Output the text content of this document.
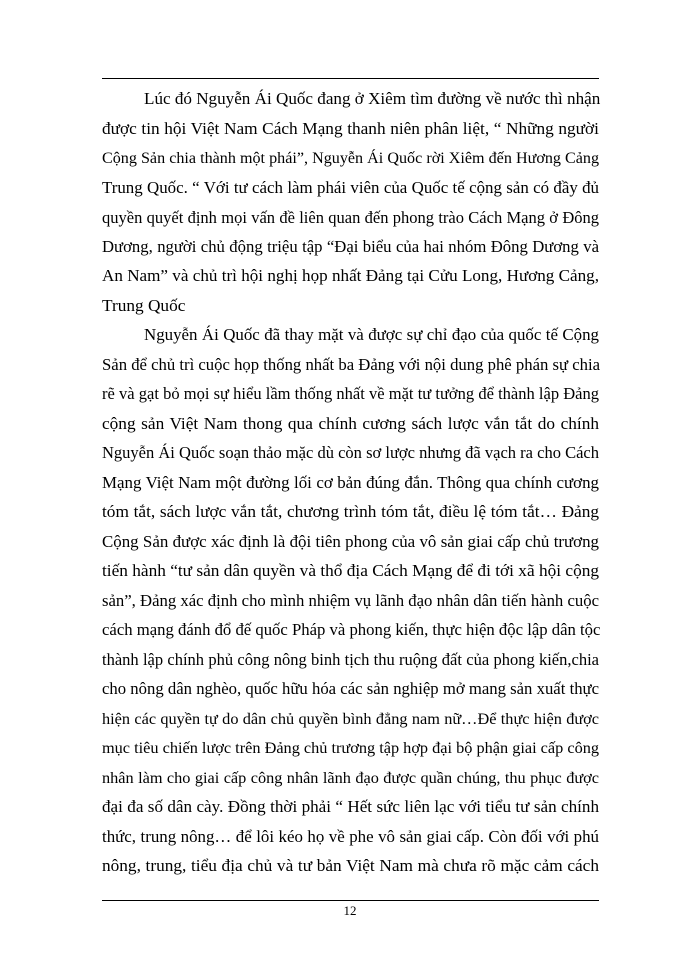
Lúc đó Nguyễn Ái Quốc đang ở Xiêm tìm đường về nước thì nhận
được tin hội Việt Nam Cách Mạng thanh niên phân liệt, “ Những người
Cộng Sản chia thành một phái”, Nguyễn Ái Quốc rời Xiêm đến Hương Cảng
Trung Quốc. “ Với tư cách làm phái viên của Quốc tế cộng sản có đầy đủ
quyền quyết định mọi vấn đề liên quan đến phong trào Cách Mạng ở Đông
Dương, người chủ động triệu tập “Đại biểu của hai nhóm Đông Dương và
An Nam” và chủ trì hội nghị họp nhất Đảng tại Cửu Long, Hương Cảng,
Trung Quốc
Nguyễn Ái Quốc đã thay mặt và được sự chỉ đạo của quốc tế Cộng
Sản để chủ trì cuộc họp thống nhất ba Đảng với nội dung phê phán sự chia
rẽ và gạt bỏ mọi sự hiểu lầm thống nhất về mặt tư tưởng để thành lập Đảng
cộng sản Việt Nam thong qua chính cương sách lược vắn tắt do chính
Nguyễn Ái Quốc soạn thảo mặc dù còn sơ lược nhưng đã vạch ra cho Cách
Mạng Việt Nam một đường lối cơ bản đúng đắn. Thông qua chính cương
tóm tắt, sách lược vắn tắt, chương trình tóm tắt, điều lệ tóm tắt… Đảng
Cộng Sản được xác định là đội tiên phong của vô sản giai cấp chủ trương
tiến hành “tư sản dân quyền và thổ địa Cách Mạng để đi tới xã hội cộng
sản”, Đảng xác định cho mình nhiệm vụ lãnh đạo nhân dân tiến hành cuộc
cách mạng đánh đổ đế quốc Pháp và phong kiến, thực hiện độc lập dân tộc
thành lập chính phủ công nông binh tịch thu ruộng đất của phong kiến,chia
cho nông dân nghèo, quốc hữu hóa các sản nghiệp mở mang sản xuất thực
hiện các quyền tự do dân chủ quyền bình đẳng nam nữ…Để thực hiện được
mục tiêu chiến lược trên Đảng chủ trương tập hợp đại bộ phận giai cấp công
nhân làm cho giai cấp công nhân lãnh đạo được quần chúng, thu phục được
đại đa số dân cày. Đồng thời phải “ Hết sức liên lạc với tiểu tư sản chính
thức, trung nông… để lôi kéo họ về phe vô sản giai cấp. Còn đối với phú
nông, trung, tiểu địa chủ và tư bản Việt Nam mà chưa rõ mặc cảm cách
12
